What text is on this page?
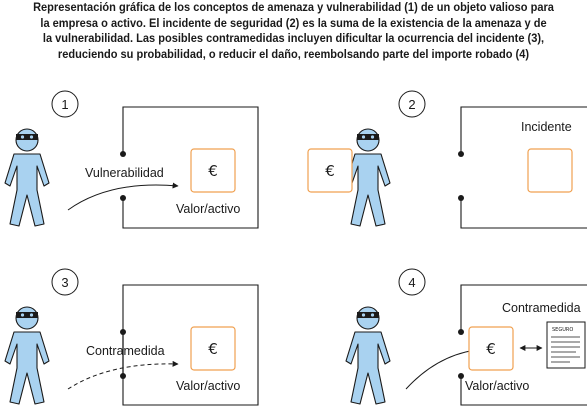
Representación gráfica de los conceptos de amenaza y vulnerabilidad (1) de un objeto valioso para
la empresa o activo. El incidente de seguridad (2) es la suma de la existencia de la amenaza y de
la vulnerabilidad. Las posibles contramedidas incluyen dificultar la ocurrencia del incidente (3),
reduciendo su probabilidad, o reducir el daño, reembolsando parte del importe robado (4)
1
Vulnerabilidad	€
Valor/activo
2
€
Incidente
3
Contramedida	€
Valor/activo
4
Contramedida
€
Valor/activo
SEGURO
